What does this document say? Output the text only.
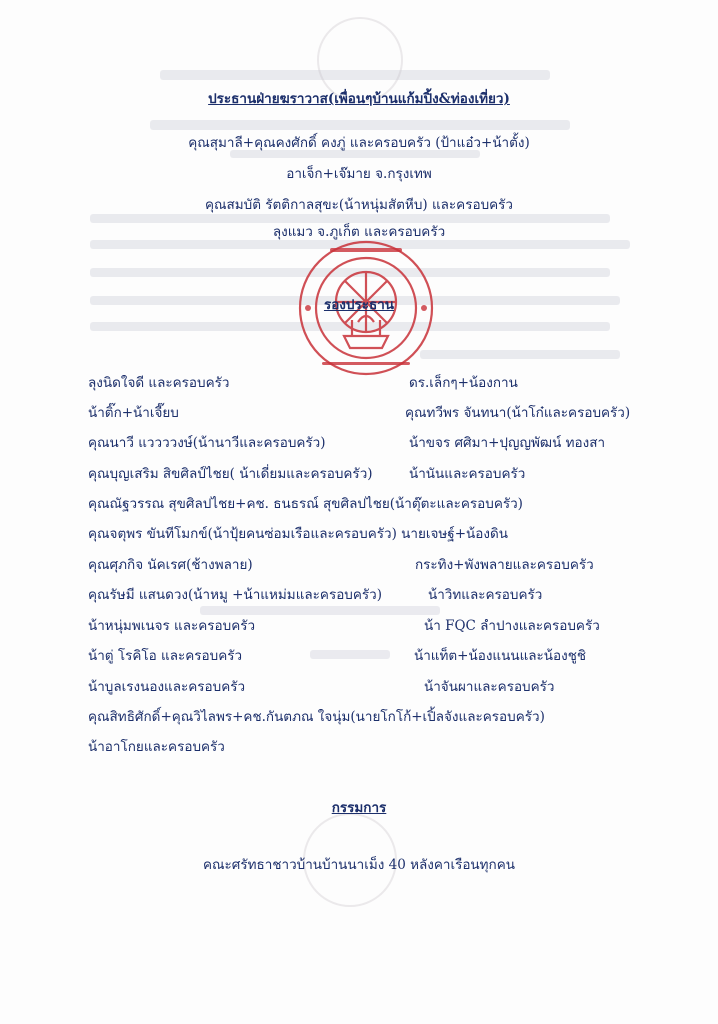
ประธานฝ่ายฆราวาส(เพื่อนๆบ้านแก้มปิ้ง&ท่องเที่ยว)
คุณสุมาลี+คุณคงศักดิ์ คงภู่ และครอบครัว (ป้าแอ๋ว+น้าตั้ง)
อาเจ็ก+เจ๊มาย จ.กรุงเทพ
คุณสมบัติ รัตติกาลสุขะ(น้าหนุ่มสัตหีบ) และครอบครัว
ลุงแมว จ.ภูเก็ต และครอบครัว
รองประธาน
ลุงนิดใจดี และครอบครัว	ดร.เล็กๆ+น้องกาน
น้าติ๊ก+น้าเจี๊ยบ	คุณทวีพร จันทนา(น้าโก๋และครอบครัว)
คุณนาวี แววววงษ์(น้านาวีและครอบครัว)	น้าขจร ศศิมา+ปุญญพัฒน์ ทองสา
คุณบุญเสริม สิขศิลป์ไชย( น้าเดี่ยมและครอบครัว)	น้านันและครอบครัว
คุณณัฐวรรณ สุขศิลปไชย+คช. ธนธรณ์ สุขศิลปไชย(น้าตุ๊ตะและครอบครัว)
คุณจตุพร ขันทีโมกข์(น้าปุ้ยคนซ่อมเรือและครอบครัว) นายเจษฐ์+น้องดิน
คุณศุภกิจ นัคเรศ(ช้างพลาย)	กระทิง+พังพลายและครอบครัว
คุณรัษมี แสนดวง(น้าหมู +น้าแหม่มและครอบครัว)	น้าวิทและครอบครัว
น้าหนุ่มพเนจร และครอบครัว	น้า FQC ลำปางและครอบครัว
น้าตู่ โรคิโอ และครอบครัว	น้าแท็ต+น้องแนนและน้องชูชิ
น้าบูลเรงนองและครอบครัว	น้าจันผาและครอบครัว
คุณสิทธิศักดิ์+คุณวิไลพร+คช.กันตภณ ใจนุ่ม(นายโกโก้+เปิ้ลจังและครอบครัว)
น้าอาโกยและครอบครัว
กรรมการ
คณะศรัทธาชาวบ้านบ้านนาเม็ง 40 หลังคาเรือนทุกคน
